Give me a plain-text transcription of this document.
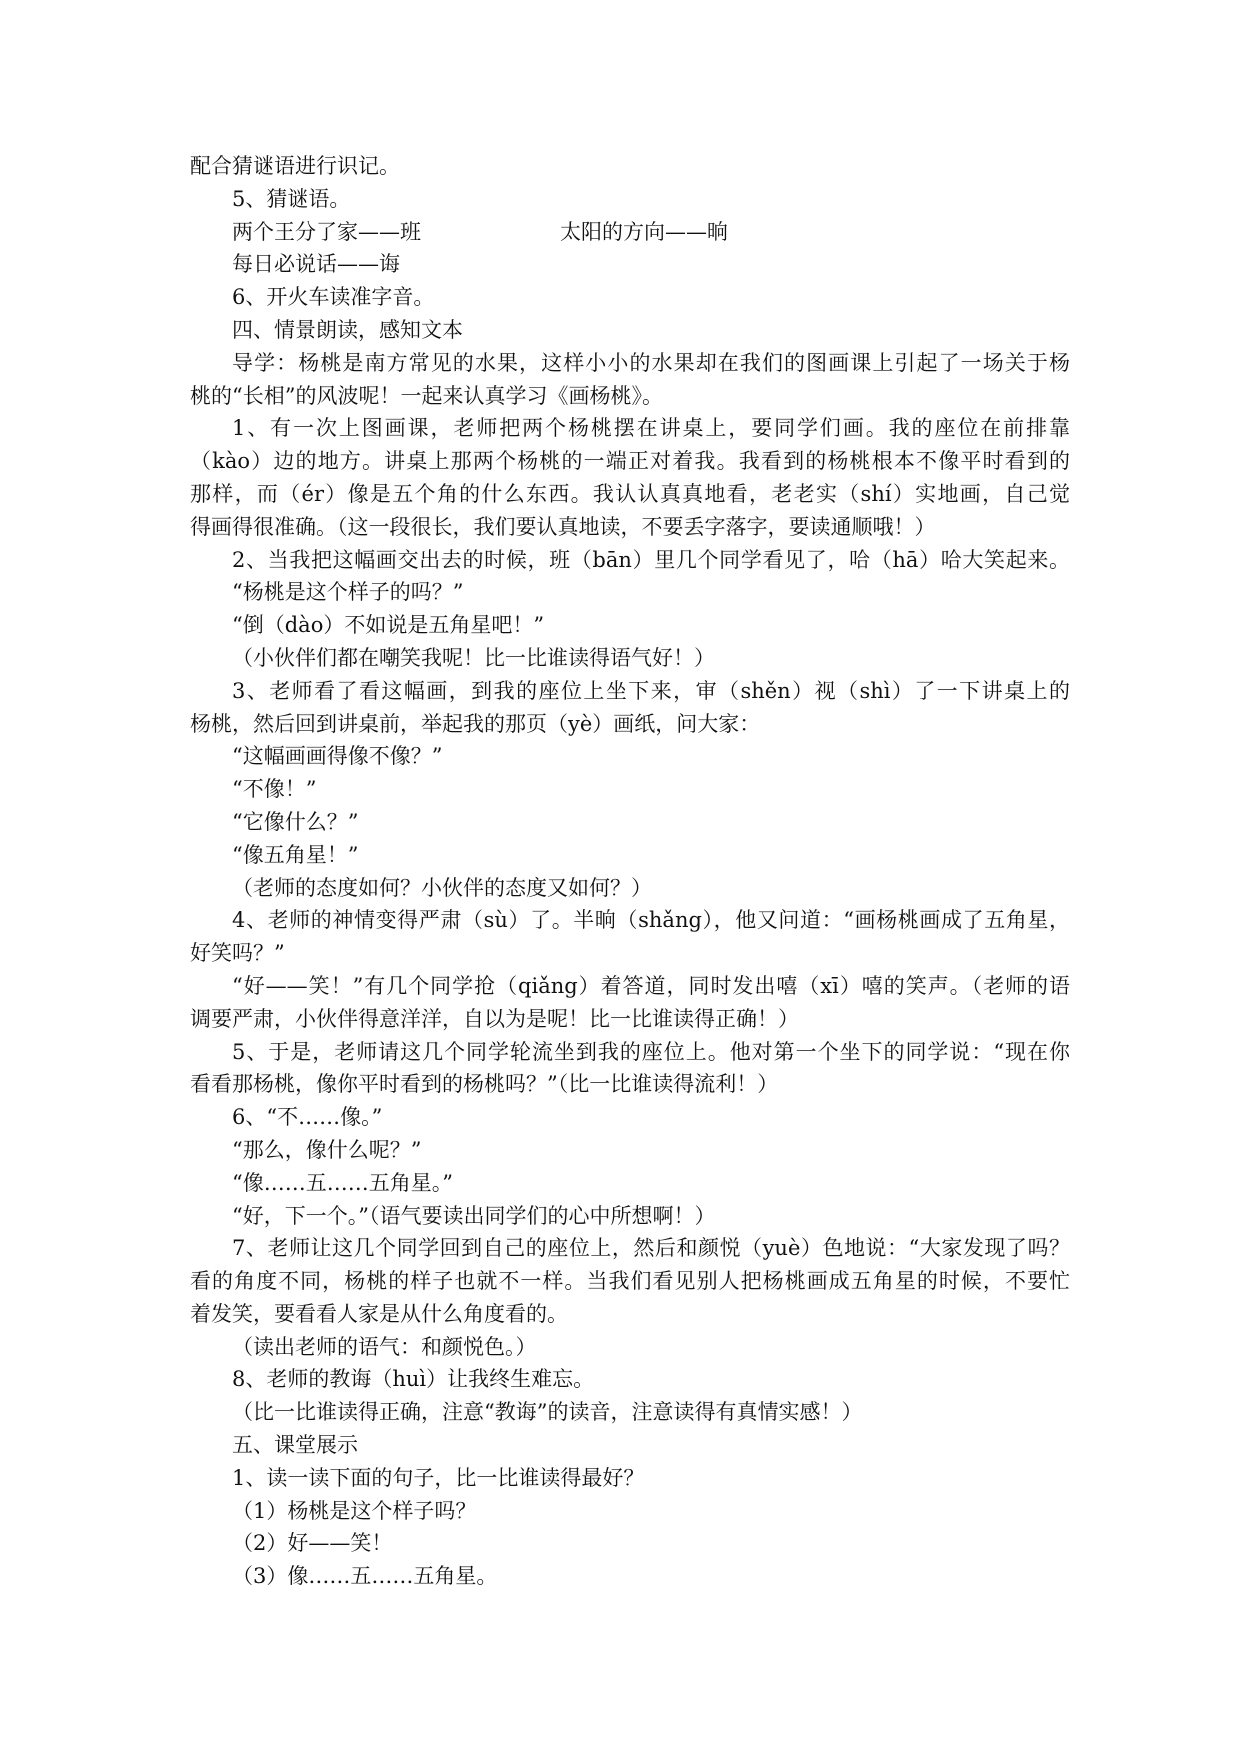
配合猜谜语进行识记。
5、猜谜语。
两个王分了家——班	太阳的方向——晌
每日必说话——诲
6、开火车读准字音。
四、情景朗读，感知文本
导学：杨桃是南方常见的水果，这样小小的水果却在我们的图画课上引起了一场关于杨
桃的“长相”的风波呢！一起来认真学习《画杨桃》。
1、有一次上图画课，老师把两个杨桃摆在讲桌上，要同学们画。我的座位在前排靠
（kào）边的地方。讲桌上那两个杨桃的一端正对着我。我看到的杨桃根本不像平时看到的
那样，而（ér）像是五个角的什么东西。我认认真真地看，老老实（shí）实地画，自己觉
得画得很准确。（这一段很长，我们要认真地读，不要丢字落字，要读通顺哦！）
2、当我把这幅画交出去的时候，班（bān）里几个同学看见了，哈（hā）哈大笑起来。
“杨桃是这个样子的吗？”
“倒（dào）不如说是五角星吧！”
（小伙伴们都在嘲笑我呢！比一比谁读得语气好！）
3、老师看了看这幅画，到我的座位上坐下来，审（shěn）视（shì）了一下讲桌上的
杨桃，然后回到讲桌前，举起我的那页（yè）画纸，问大家：
“这幅画画得像不像？”
“不像！”
“它像什么？”
“像五角星！”
（老师的态度如何？小伙伴的态度又如何？）
4、老师的神情变得严肃（sù）了。半晌（shǎng），他又问道：“画杨桃画成了五角星，
好笑吗？”
“好——笑！”有几个同学抢（qiǎng）着答道，同时发出嘻（xī）嘻的笑声。（老师的语
调要严肃，小伙伴得意洋洋，自以为是呢！比一比谁读得正确！）
5、于是，老师请这几个同学轮流坐到我的座位上。他对第一个坐下的同学说：“现在你
看看那杨桃，像你平时看到的杨桃吗？”（比一比谁读得流利！）
6、“不……像。”
“那么，像什么呢？”
“像……五……五角星。”
“好，下一个。”（语气要读出同学们的心中所想啊！）
7、老师让这几个同学回到自己的座位上，然后和颜悦（yuè）色地说：“大家发现了吗？
看的角度不同，杨桃的样子也就不一样。当我们看见别人把杨桃画成五角星的时候，不要忙
着发笑，要看看人家是从什么角度看的。
（读出老师的语气：和颜悦色。）
8、老师的教诲（huì）让我终生难忘。
（比一比谁读得正确，注意“教诲”的读音，注意读得有真情实感！）
五、课堂展示
1、读一读下面的句子，比一比谁读得最好？
（1）杨桃是这个样子吗？
（2）好——笑！
（3）像……五……五角星。
